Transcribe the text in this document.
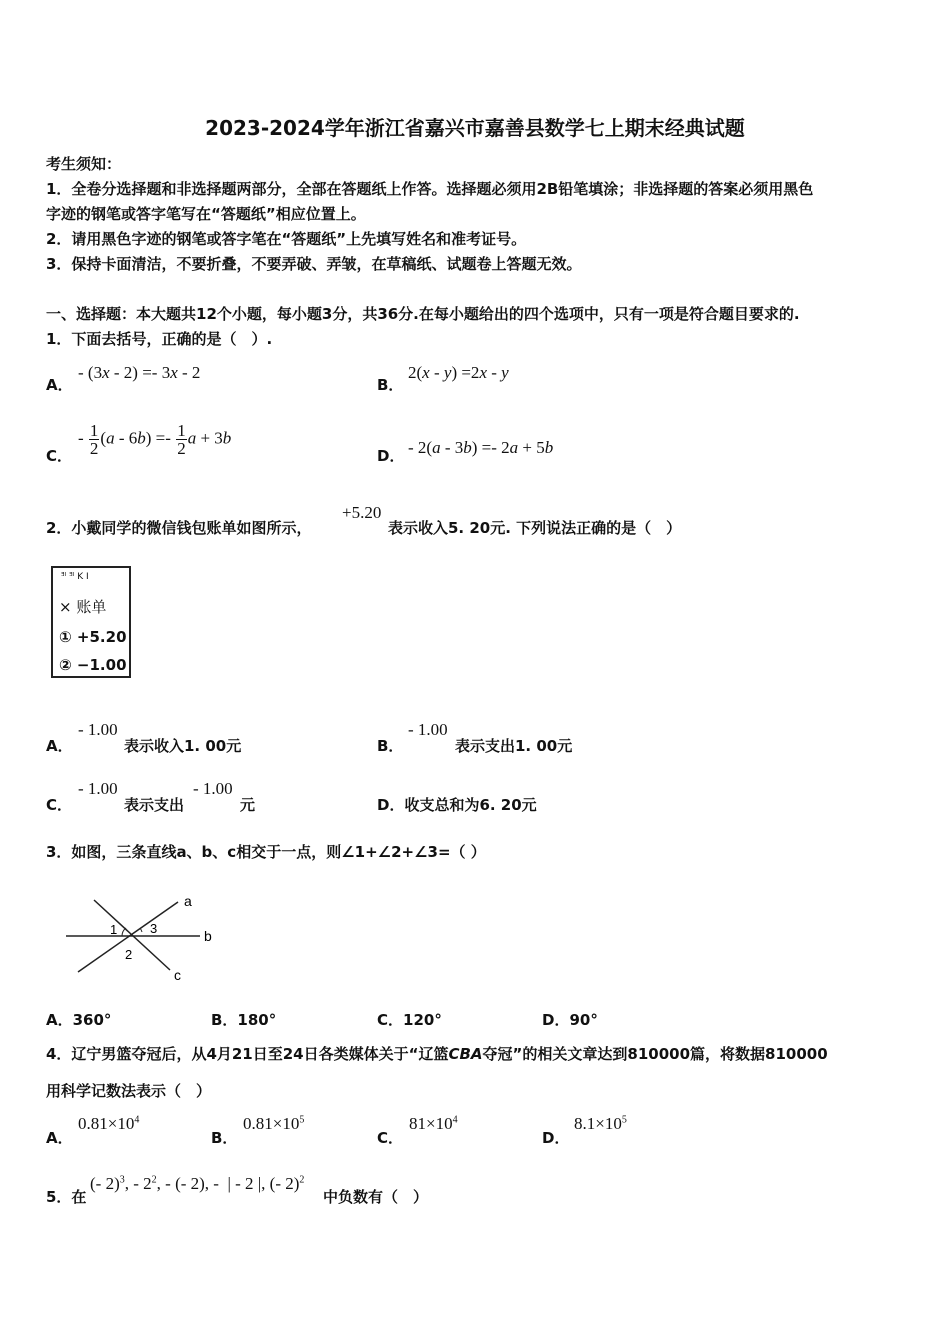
2023-2024学年浙江省嘉兴市嘉善县数学七上期末经典试题
考生须知：
1．全卷分选择题和非选择题两部分，全部在答题纸上作答。选择题必须用2B铅笔填涂；非选择题的答案必须用黑色
字迹的钢笔或答字笔写在“答题纸”相应位置上。
2．请用黑色字迹的钢笔或答字笔在“答题纸”上先填写姓名和准考证号。
3．保持卡面清洁，不要折叠，不要弄破、弄皱，在草稿纸、试题卷上答题无效。
一、选择题：本大题共12个小题，每小题3分，共36分.在每小题给出的四个选项中，只有一项是符合题目要求的.
1．下面去括号，正确的是（　）.
A．
- (3x - 2) =- 3x - 2
B．
2(x - y) =2x - y
C．
- $\frac{1}{2} (a - 6b) =- \frac{1}{2}$ a + 3b
D． - 2(a - 3b) =- 2a + 5b
2．小戴同学的微信钱包账单如图所示，
+5.20
表示收入5. 20元. 下列说法正确的是（　）
ᴲᴵ ᴲᴵ K I
× 账单
① +5.20
② −1.00
A．
- 1.00
表示收入1. 00元	B．
- 1.00
表示支出1. 00元
C．
- 1.00
表示支出
- 1.00
元	D．收支总和为6. 20元
3．如图，三条直线a、b、c相交于一点，则∠1+∠2+∠3=（ ）
a
b
c
1
2
3
A．360°	B．180°	C．120°	D．90°
4．辽宁男篮夺冠后，从4月21日至24日各类媒体关于“辽篮CBA夺冠”的相关文章达到810000篇，将数据810000
用科学记数法表示（　）
A．
$0.81\times 10^4$
B．
$0.81\times 10^5$
C．
$81\times 10^4$
D．
$8.1\times 10^5$
5．在
(- 2)$^3$, - $2^2$, - (- 2), -  | - 2 |, (- 2)$^2$
中负数有（　）
